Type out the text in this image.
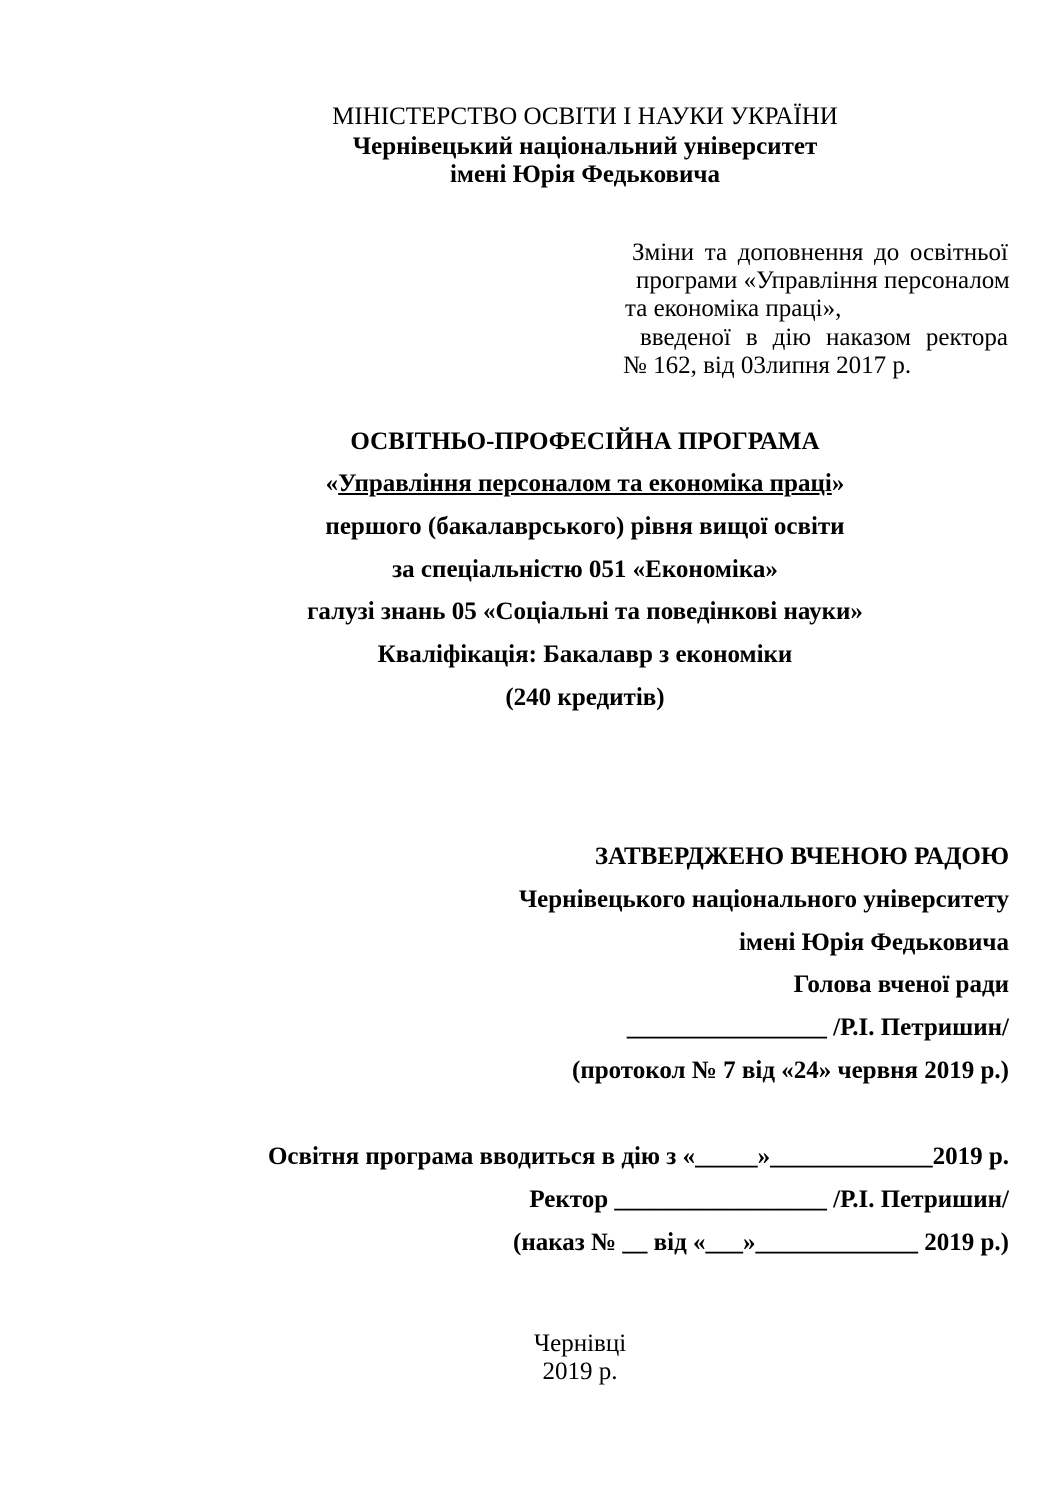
МІНІСТЕРСТВО ОСВІТИ І НАУКИ УКРАЇНИ
Чернівецький національний університет
імені Юрія Федьковича
Зміни та доповнення до освітньої
програми «Управління персоналом
та економіка праці»,
введеної в дію наказом ректора
№ 162, від 03липня 2017 р.
ОСВІТНЬО-ПРОФЕСІЙНА ПРОГРАМА
«Управління персоналом та економіка праці»
першого (бакалаврського) рівня вищої освіти
за спеціальністю 051 «Економіка»
галузі знань 05 «Соціальні та поведінкові науки»
Кваліфікація: Бакалавр з економіки
(240 кредитів)
ЗАТВЕРДЖЕНО ВЧЕНОЮ РАДОЮ
Чернівецького національного університету
імені Юрія Федьковича
Голова вченої ради
________________ /Р.І. Петришин/
(протокол № 7 від «24» червня 2019 р.)
Освітня програма вводиться в дію з «_____»_____________2019 р.
Ректор _________________ /Р.І. Петришин/
(наказ № __ від «___»_____________ 2019 р.)
Чернівці
2019 р.
